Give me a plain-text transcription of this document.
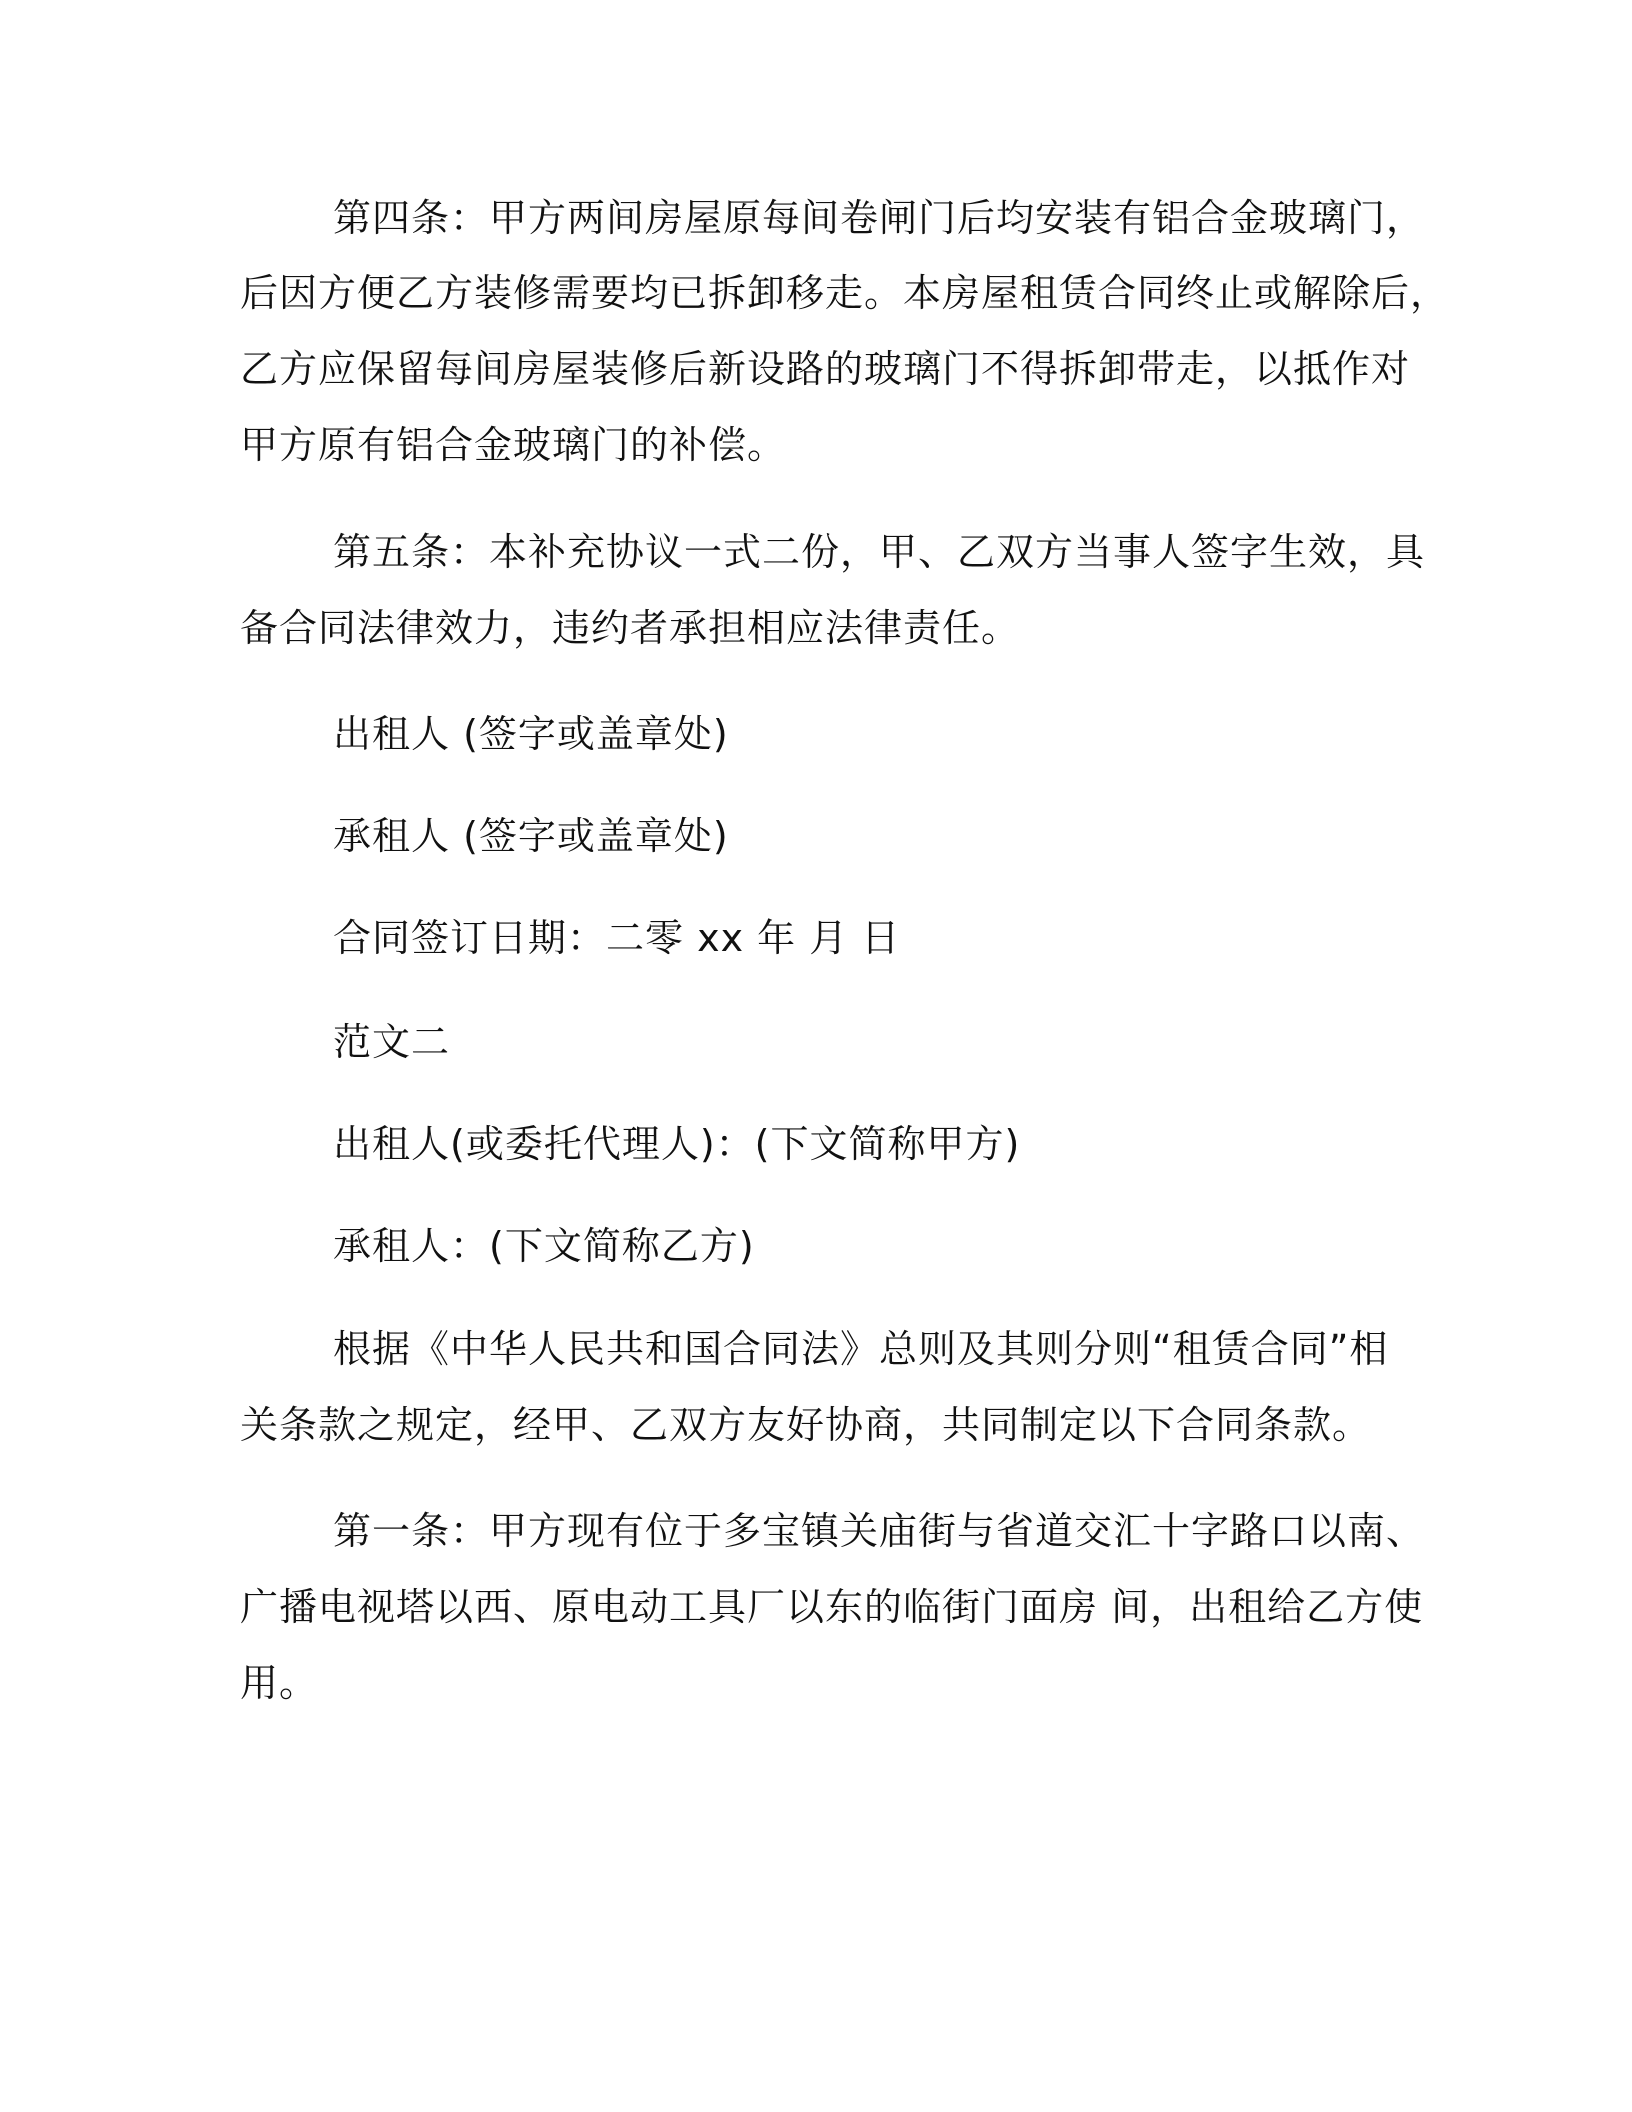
第四条：甲方两间房屋原每间卷闸门后均安装有铝合金玻璃门，

后因方便乙方装修需要均已拆卸移走。本房屋租赁合同终止或解除后，

乙方应保留每间房屋装修后新设路的玻璃门不得拆卸带走，以抵作对

甲方原有铝合金玻璃门的补偿。

第五条：本补充协议一式二份，甲、乙双方当事人签字生效，具

备合同法律效力，违约者承担相应法律责任。

出租人 (签字或盖章处)

承租人 (签字或盖章处)

合同签订日期：二零 xx 年 月 日

范文二

出租人(或委托代理人)：(下文简称甲方)

承租人：(下文简称乙方)

根据《中华人民共和国合同法》总则及其则分则“租赁合同”相

关条款之规定，经甲、乙双方友好协商，共同制定以下合同条款。

第一条：甲方现有位于多宝镇关庙街与省道交汇十字路口以南、

广播电视塔以西、原电动工具厂以东的临街门面房 间，出租给乙方使

用。
